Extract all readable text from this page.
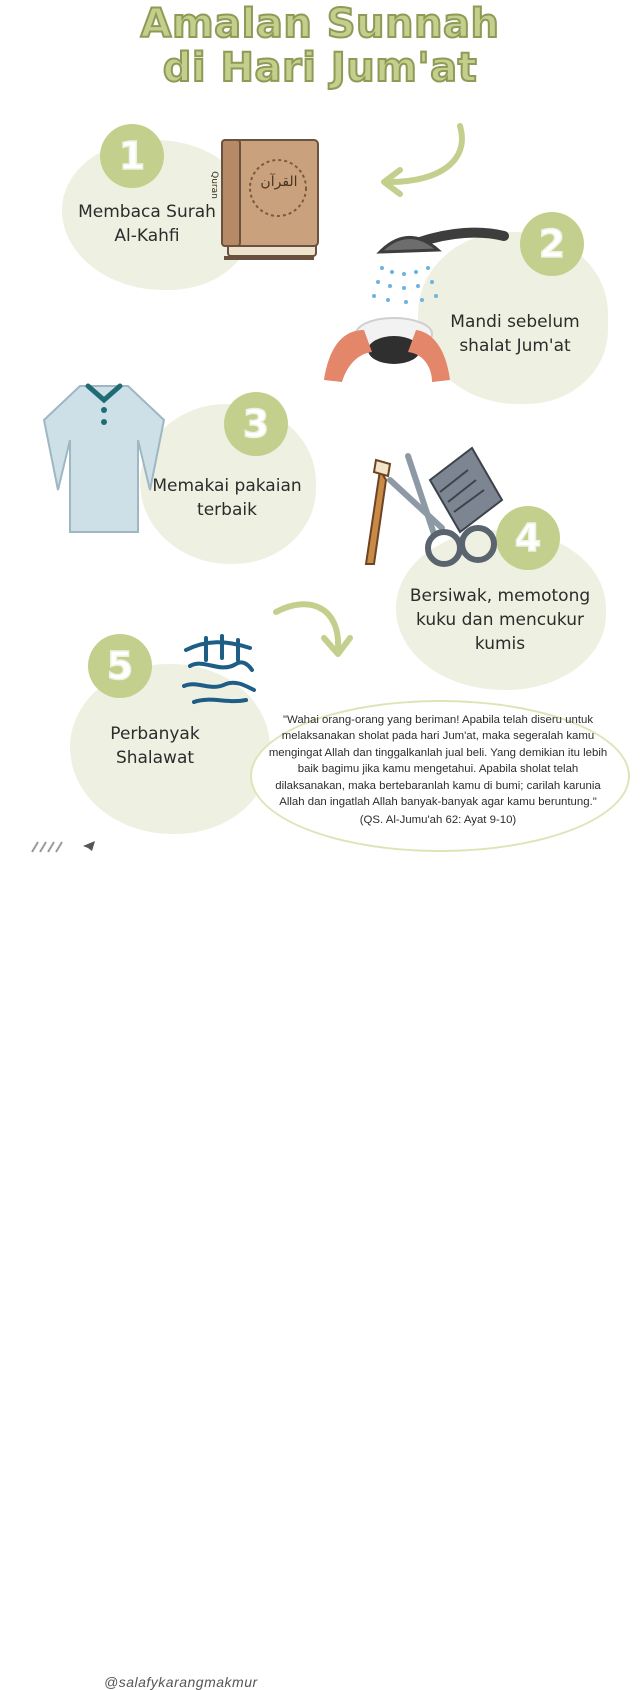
Amalan Sunnah
di Hari Jum'at
1
Membaca Surah
Al-Kahfi
Quran	القرآن
2
Mandi sebelum
shalat Jum'at
3
Memakai pakaian
terbaik
4
Bersiwak, memotong
kuku dan mencukur
kumis
5
Perbanyak
Shalawat
"Wahai orang-orang yang beriman! Apabila telah diseru untuk melaksanakan sholat pada hari Jum'at, maka segeralah kamu mengingat Allah dan tinggalkanlah jual beli. Yang demikian itu lebih baik bagimu jika kamu mengetahui. Apabila sholat telah dilaksanakan, maka bertebaranlah kamu di bumi; carilah karunia Allah dan ingatlah Allah banyak-banyak agar kamu beruntung."
(QS. Al-Jumu'ah 62: Ayat 9-10)
@salafykarangmakmur
